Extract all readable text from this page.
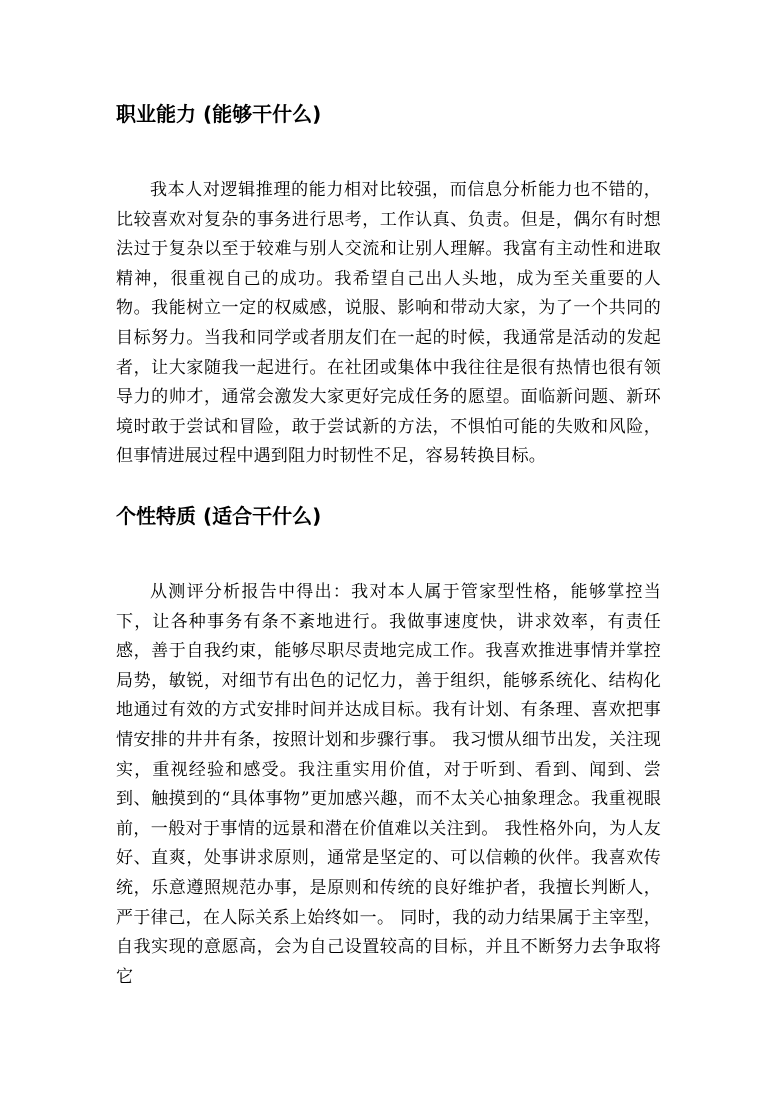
职业能力 (能够干什么)

我本人对逻辑推理的能力相对比较强，而信息分析能力也不错的，比较喜欢对复杂的事务进行思考，工作认真、负责。但是，偶尔有时想法过于复杂以至于较难与别人交流和让别人理解。我富有主动性和进取精神，很重视自己的成功。我希望自己出人头地，成为至关重要的人物。我能树立一定的权威感，说服、影响和带动大家，为了一个共同的目标努力。当我和同学或者朋友们在一起的时候，我通常是活动的发起者，让大家随我一起进行。在社团或集体中我往往是很有热情也很有领导力的帅才，通常会激发大家更好完成任务的愿望。面临新问题、新环境时敢于尝试和冒险，敢于尝试新的方法，不惧怕可能的失败和风险，但事情进展过程中遇到阻力时韧性不足，容易转换目标。

个性特质 (适合干什么)

从测评分析报告中得出：我对本人属于管家型性格，能够掌控当下，让各种事务有条不紊地进行。我做事速度快，讲求效率，有责任感，善于自我约束，能够尽职尽责地完成工作。我喜欢推进事情并掌控局势，敏锐，对细节有出色的记忆力，善于组织，能够系统化、结构化地通过有效的方式安排时间并达成目标。我有计划、有条理、喜欢把事情安排的井井有条，按照计划和步骤行事。 我习惯从细节出发，关注现实，重视经验和感受。我注重实用价值，对于听到、看到、闻到、尝到、触摸到的“具体事物”更加感兴趣，而不太关心抽象理念。我重视眼前，一般对于事情的远景和潜在价值难以关注到。 我性格外向，为人友好、直爽，处事讲求原则，通常是坚定的、可以信赖的伙伴。我喜欢传统，乐意遵照规范办事，是原则和传统的良好维护者，我擅长判断人，严于律己，在人际关系上始终如一。 同时，我的动力结果属于主宰型，自我实现的意愿高，会为自己设置较高的目标，并且不断努力去争取将它
